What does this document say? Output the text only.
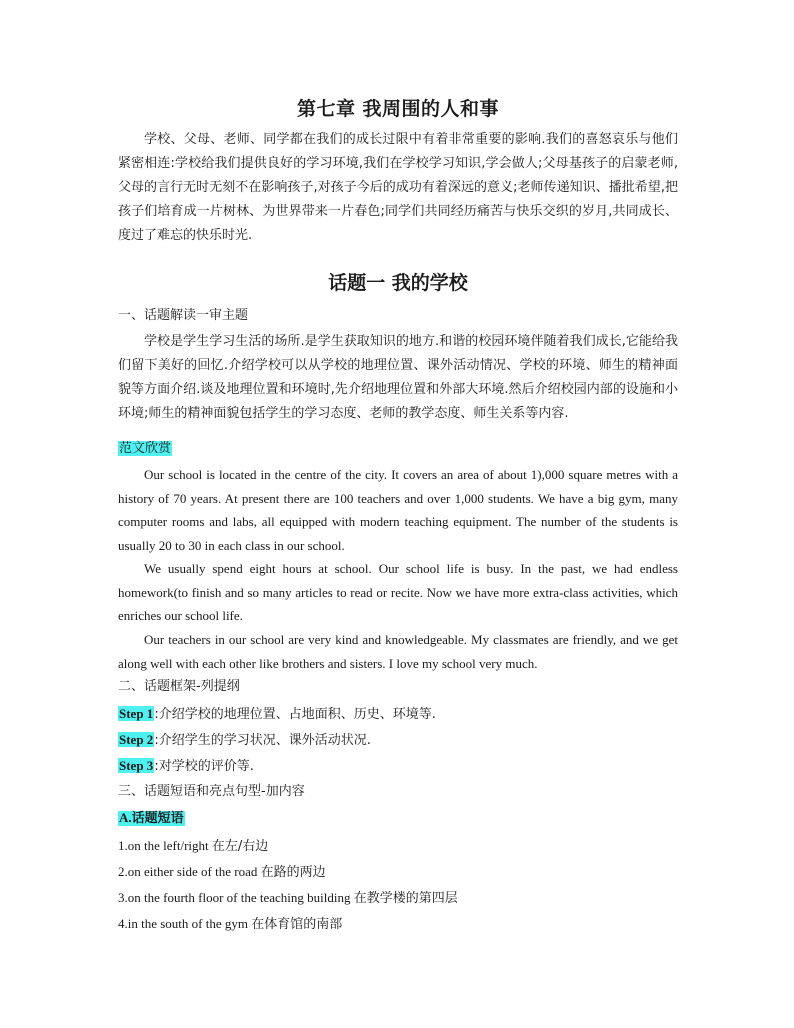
第七章 我周围的人和事
学校、父母、老师、同学都在我们的成长过限中有着非常重要的影响.我们的喜怒哀乐与他们紧密相连:学校给我们提供良好的学习环境,我们在学校学习知识,学会做人;父母基孩子的启蒙老师,父母的言行无时无刻不在影响孩子,对孩子今后的成功有着深远的意义;老师传递知识、播批希望,把孩子们培育成一片树林、为世界带来一片春色;同学们共同经历痛苦与快乐交织的岁月,共同成长、度过了难忘的快乐时光.
话题一 我的学校
一、话题解读一审主题
学校是学生学习生活的场所.是学生获取知识的地方.和谐的校园环境伴随着我们成长,它能给我们留下美好的回忆.介绍学校可以从学校的地理位置、课外活动情况、学校的环境、师生的精神面貌等方面介绍.谈及地理位置和环境时,先介绍地理位置和外部大环境.然后介绍校园内部的设施和小环境;师生的精神面貌包括学生的学习态度、老师的教学态度、师生关系等内容.
范文欣赏
Our school is located in the centre of the city. It covers an area of about 1),000 square metres with a history of 70 years. At present there are 100 teachers and over 1,000 students. We have a big gym, many computer rooms and labs, all equipped with modern teaching equipment. The number of the students is usually 20 to 30 in each class in our school.
We usually spend eight hours at school. Our school life is busy. In the past, we had endless homework(to finish and so many articles to read or recite. Now we have more extra-class activities, which enriches our school life.
Our teachers in our school are very kind and knowledgeable. My classmates are friendly, and we get along well with each other like brothers and sisters. I love my school very much.
二、话题框架-列提纲
Step 1:介绍学校的地理位置、占地面积、历史、环境等.
Step 2:介绍学生的学习状况、课外活动状况.
Step 3:对学校的评价等.
三、话题短语和亮点句型-加内容
A.话题短语
1.on the left/right 在左/右边
2.on either side of the road 在路的两边
3.on the fourth floor of the teaching building 在教学楼的第四层
4.in the south of the gym 在体育馆的南部
